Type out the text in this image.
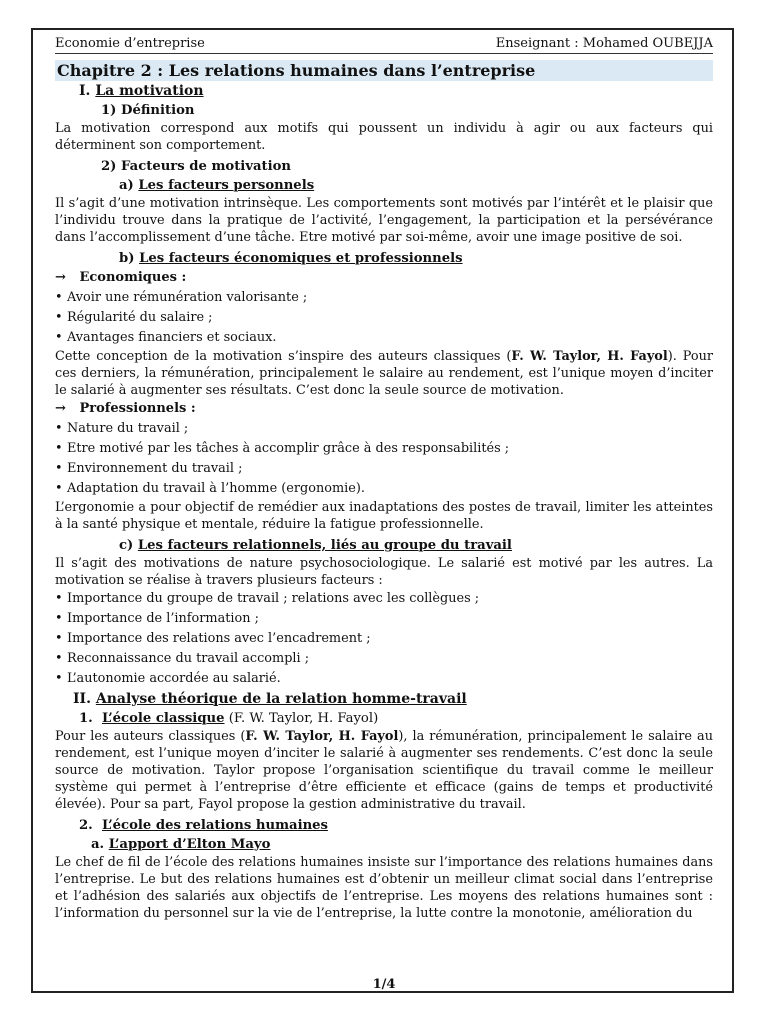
Economie d’entreprise	Enseignant : Mohamed OUBEJJA
Chapitre 2 : Les relations humaines dans l’entreprise
I. La motivation
1) Définition
La motivation correspond aux motifs qui poussent un individu à agir ou aux facteurs qui déterminent son comportement.
2) Facteurs de motivation
a) Les facteurs personnels
Il s’agit d’une motivation intrinsèque. Les comportements sont motivés par l’intérêt et le plaisir que l’individu trouve dans la pratique de l’activité, l’engagement, la participation et la persévérance dans l’accomplissement d’une tâche. Etre motivé par soi-même, avoir une image positive de soi.
b) Les facteurs économiques et professionnels
→ Economiques :
• Avoir une rémunération valorisante ;
• Régularité du salaire ;
• Avantages financiers et sociaux.
Cette conception de la motivation s’inspire des auteurs classiques (F. W. Taylor, H. Fayol). Pour ces derniers, la rémunération, principalement le salaire au rendement, est l’unique moyen d’inciter le salarié à augmenter ses résultats. C’est donc la seule source de motivation.
→ Professionnels :
• Nature du travail ;
• Etre motivé par les tâches à accomplir grâce à des responsabilités ;
• Environnement du travail ;
• Adaptation du travail à l’homme (ergonomie).
L’ergonomie a pour objectif de remédier aux inadaptations des postes de travail, limiter les atteintes à la santé physique et mentale, réduire la fatigue professionnelle.
c) Les facteurs relationnels, liés au groupe du travail
Il s’agit des motivations de nature psychosociologique. Le salarié est motivé par les autres. La motivation se réalise à travers plusieurs facteurs :
• Importance du groupe de travail ; relations avec les collègues ;
• Importance de l’information ;
• Importance des relations avec l’encadrement ;
• Reconnaissance du travail accompli ;
• L’autonomie accordée au salarié.
II. Analyse théorique de la relation homme-travail
1. L’école classique (F. W. Taylor, H. Fayol)
Pour les auteurs classiques (F. W. Taylor, H. Fayol), la rémunération, principalement le salaire au rendement, est l’unique moyen d’inciter le salarié à augmenter ses rendements. C’est donc la seule source de motivation. Taylor propose l’organisation scientifique du travail comme le meilleur système qui permet à l’entreprise d’être efficiente et efficace (gains de temps et productivité élevée). Pour sa part, Fayol propose la gestion administrative du travail.
2. L’école des relations humaines
a. L’apport d’Elton Mayo
Le chef de fil de l’école des relations humaines insiste sur l’importance des relations humaines dans l’entreprise. Le but des relations humaines est d’obtenir un meilleur climat social dans l’entreprise et l’adhésion des salariés aux objectifs de l’entreprise. Les moyens des relations humaines sont : l’information du personnel sur la vie de l’entreprise, la lutte contre la monotonie, amélioration du
1/4
